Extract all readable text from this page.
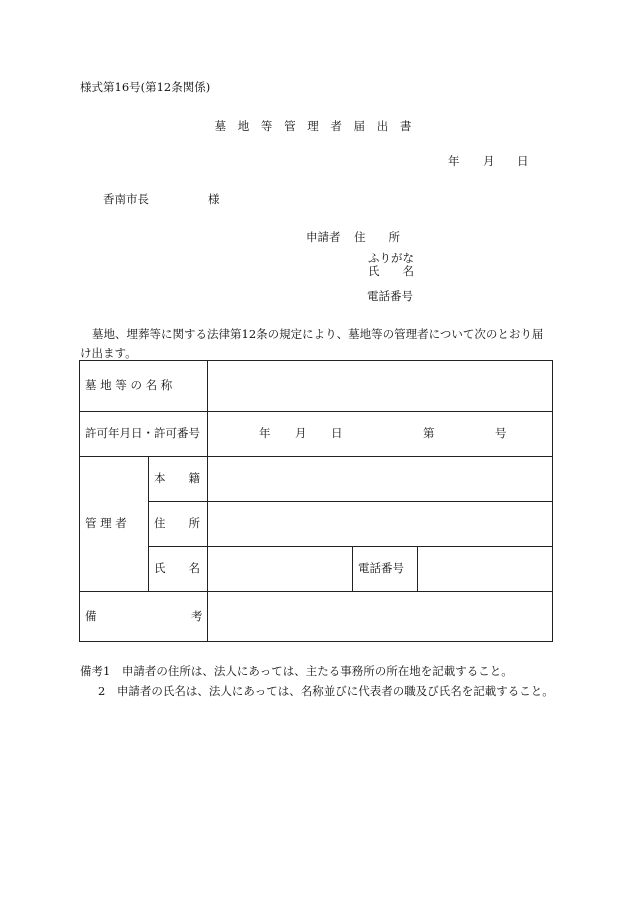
様式第16号(第12条関係)
墓 地 等 管 理 者 届 出 書
年 月 日
香南市長	様
申請者 住　　所
ふりがな
氏　　名
電話番号
墓地、埋葬等に関する法律第12条の規定により、墓地等の管理者について次のとおり届け出ます。
墓 地 等 の 名 称
許可年月日・許可番号	年 月 日	第	号
管 理 者
本　　籍
住　　所
氏　　名	電話番号
備	考
備考1　申請者の住所は、法人にあっては、主たる事務所の所在地を記載すること。
2　申請者の氏名は、法人にあっては、名称並びに代表者の職及び氏名を記載すること。
